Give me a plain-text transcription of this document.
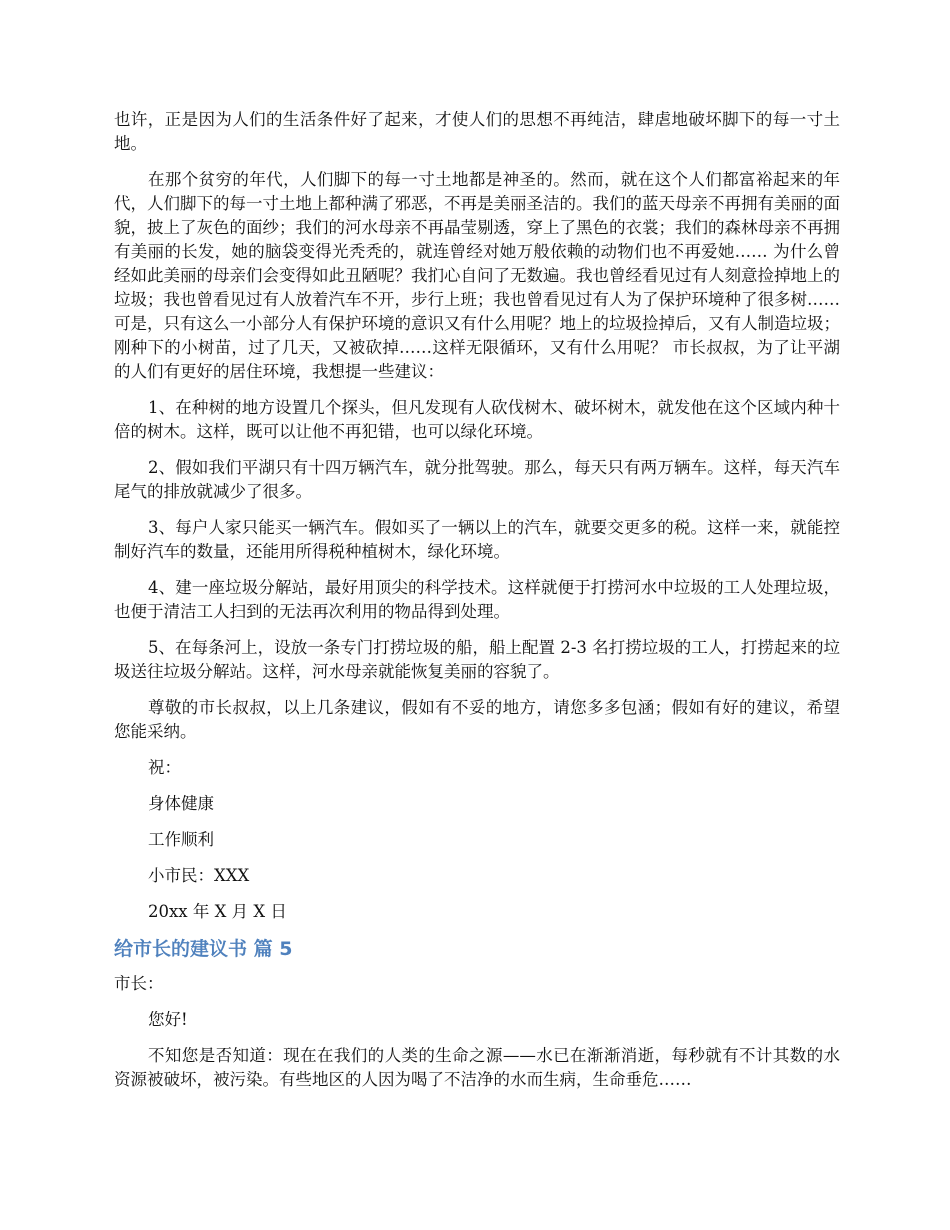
也许，正是因为人们的生活条件好了起来，才使人们的思想不再纯洁，肆虐地破坏脚下的每一寸土地。

在那个贫穷的年代，人们脚下的每一寸土地都是神圣的。然而，就在这个人们都富裕起来的年代，人们脚下的每一寸土地上都种满了邪恶，不再是美丽圣洁的。我们的蓝天母亲不再拥有美丽的面貌，披上了灰色的面纱；我们的河水母亲不再晶莹剔透，穿上了黑色的衣裳；我们的森林母亲不再拥有美丽的长发，她的脑袋变得光秃秃的，就连曾经对她万般依赖的动物们也不再爱她…… 为什么曾经如此美丽的母亲们会变得如此丑陋呢？我扪心自问了无数遍。我也曾经看见过有人刻意捡掉地上的垃圾；我也曾看见过有人放着汽车不开，步行上班；我也曾看见过有人为了保护环境种了很多树……可是，只有这么一小部分人有保护环境的意识又有什么用呢？地上的垃圾捡掉后，又有人制造垃圾；刚种下的小树苗，过了几天，又被砍掉……这样无限循环，又有什么用呢？ 市长叔叔，为了让平湖的人们有更好的居住环境，我想提一些建议：

1、在种树的地方设置几个探头，但凡发现有人砍伐树木、破坏树木，就发他在这个区域内种十倍的树木。这样，既可以让他不再犯错，也可以绿化环境。

2、假如我们平湖只有十四万辆汽车，就分批驾驶。那么，每天只有两万辆车。这样，每天汽车尾气的排放就减少了很多。

3、每户人家只能买一辆汽车。假如买了一辆以上的汽车，就要交更多的税。这样一来，就能控制好汽车的数量，还能用所得税种植树木，绿化环境。

4、建一座垃圾分解站，最好用顶尖的科学技术。这样就便于打捞河水中垃圾的工人处理垃圾，也便于清洁工人扫到的无法再次利用的物品得到处理。

5、在每条河上，设放一条专门打捞垃圾的船，船上配置 2-3 名打捞垃圾的工人，打捞起来的垃圾送往垃圾分解站。这样，河水母亲就能恢复美丽的容貌了。

尊敬的市长叔叔，以上几条建议，假如有不妥的地方，请您多多包涵；假如有好的建议，希望您能采纳。

祝：

身体健康

工作顺利

小市民：XXX

20xx 年 X 月 X 日

给市长的建议书 篇 5

市长：

您好!

不知您是否知道：现在在我们的人类的生命之源——水已在渐渐消逝，每秒就有不计其数的水资源被破坏，被污染。有些地区的人因为喝了不洁净的水而生病，生命垂危……
